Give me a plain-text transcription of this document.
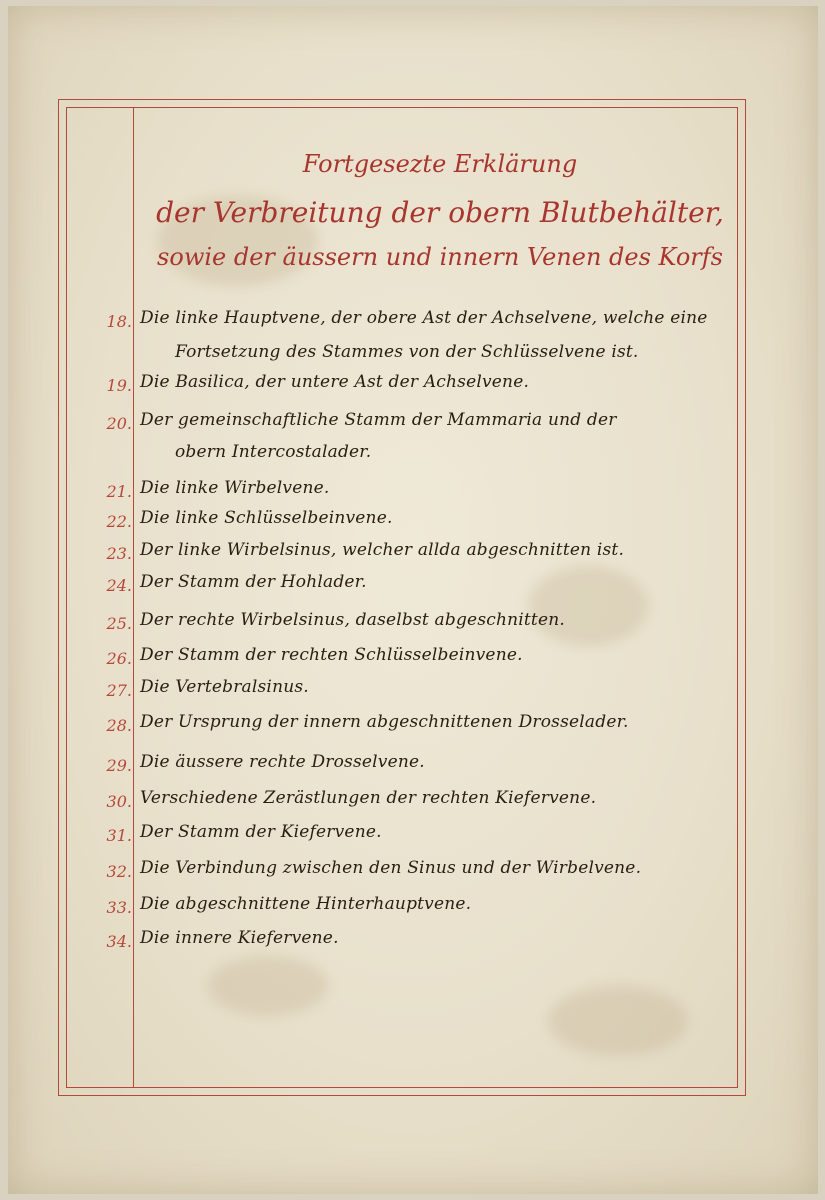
Fortgesezte Erklärung
der Verbreitung der obern Blutbehälter,
sowie der äussern und innern Venen des Korfs
18. Die linke Hauptvene, der obere Ast der Achselvene, welche eine
Fortsetzung des Stammes von der Schlüsselvene ist.
19. Die Basilica, der untere Ast der Achselvene.
20. Der gemeinschaftliche Stamm der Mammaria und der
obern Intercostalader.
21. Die linke Wirbelvene.
22. Die linke Schlüsselbeinvene.
23. Der linke Wirbelsinus, welcher allda abgeschnitten ist.
24. Der Stamm der Hohlader.
25. Der rechte Wirbelsinus, daselbst abgeschnitten.
26. Der Stamm der rechten Schlüsselbeinvene.
27. Die Vertebralsinus.
28. Der Ursprung der innern abgeschnittenen Drosselader.
29. Die äussere rechte Drosselvene.
30. Verschiedene Zerästlungen der rechten Kiefervene.
31. Der Stamm der Kiefervene.
32. Die Verbindung zwischen den Sinus und der Wirbelvene.
33. Die abgeschnittene Hinterhauptvene.
34. Die innere Kiefervene.
